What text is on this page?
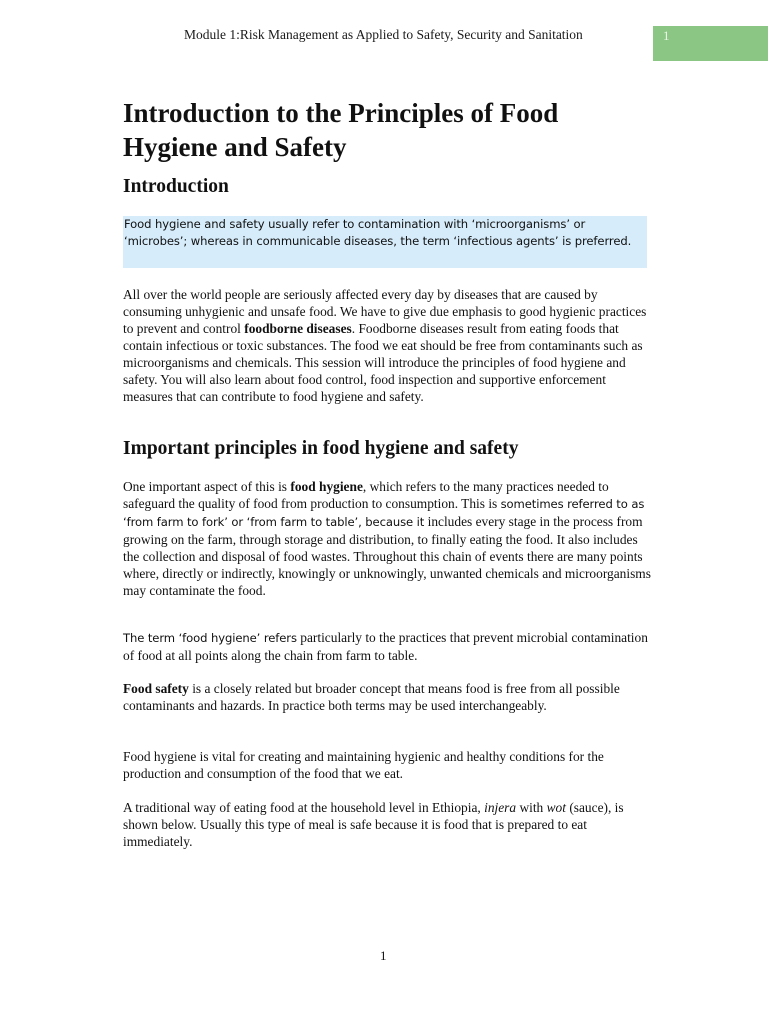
Module 1:Risk Management as Applied to Safety, Security and Sanitation	1
Introduction to the Principles of Food Hygiene and Safety
Introduction
Food hygiene and safety usually refer to contamination with ‘microorganisms’ or ‘microbes’; whereas in communicable diseases, the term ‘infectious agents’ is preferred.

All over the world people are seriously affected every day by diseases that are caused by consuming unhygienic and unsafe food. We have to give due emphasis to good hygienic practices to prevent and control foodborne diseases. Foodborne diseases result from eating foods that contain infectious or toxic substances. The food we eat should be free from contaminants such as microorganisms and chemicals. This session will introduce the principles of food hygiene and safety. You will also learn about food control, food inspection and supportive enforcement measures that can contribute to food hygiene and safety.

Important principles in food hygiene and safety

One important aspect of this is food hygiene, which refers to the many practices needed to safeguard the quality of food from production to consumption. This is sometimes referred to as ‘from farm to fork’ or ‘from farm to table’, because it includes every stage in the process from growing on the farm, through storage and distribution, to finally eating the food. It also includes the collection and disposal of food wastes. Throughout this chain of events there are many points where, directly or indirectly, knowingly or unknowingly, unwanted chemicals and microorganisms may contaminate the food.

The term ‘food hygiene’ refers particularly to the practices that prevent microbial contamination of food at all points along the chain from farm to table.

Food safety is a closely related but broader concept that means food is free from all possible contaminants and hazards. In practice both terms may be used interchangeably.

Food hygiene is vital for creating and maintaining hygienic and healthy conditions for the production and consumption of the food that we eat.

A traditional way of eating food at the household level in Ethiopia, injera with wot (sauce), is shown below. Usually this type of meal is safe because it is food that is prepared to eat immediately.

1
